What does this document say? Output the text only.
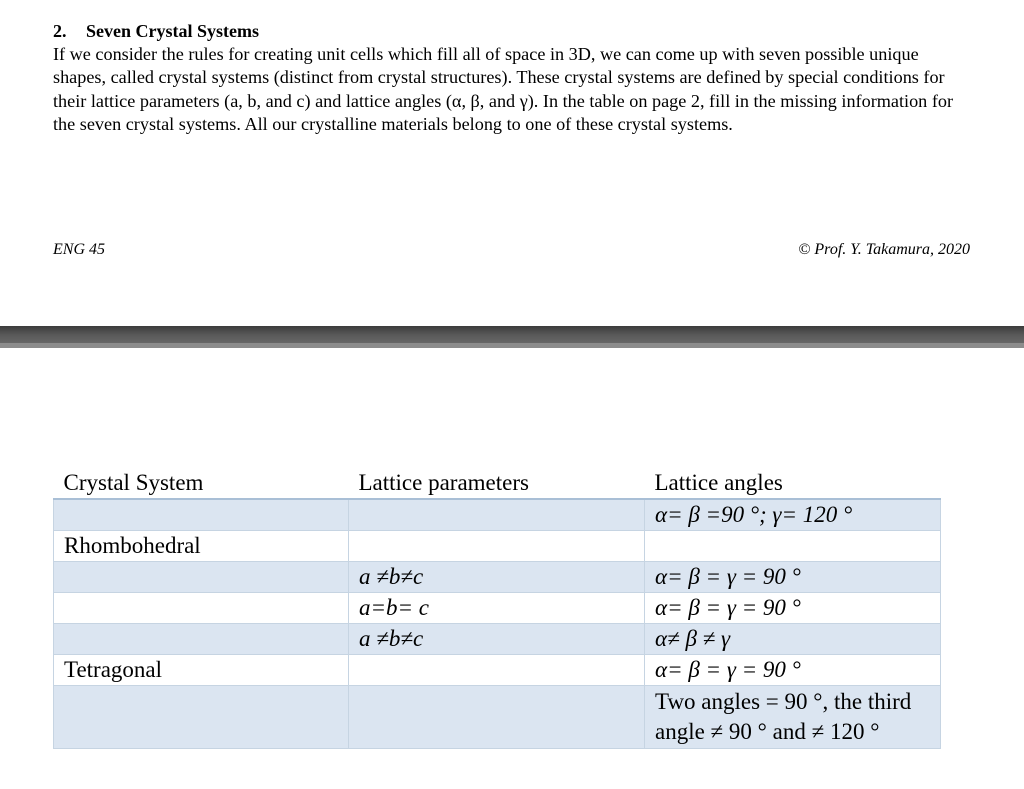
2. Seven Crystal Systems
If we consider the rules for creating unit cells which fill all of space in 3D, we can come up with seven possible unique shapes, called crystal systems (distinct from crystal structures). These crystal systems are defined by special conditions for their lattice parameters (a, b, and c) and lattice angles (α, β, and γ). In the table on page 2, fill in the missing information for the seven crystal systems. All our crystalline materials belong to one of these crystal systems.
ENG 45	© Prof. Y. Takamura, 2020
Crystal System	Lattice parameters	Lattice angles
		α= β =90 °; γ= 120 °
Rhombohedral		
	a ≠b≠c	α= β = γ = 90 °
	a=b= c	α= β = γ = 90 °
	a ≠b≠c	α≠ β ≠ γ
Tetragonal		α= β = γ = 90 °
		Two angles = 90 °, the third angle ≠ 90 ° and ≠ 120 °
